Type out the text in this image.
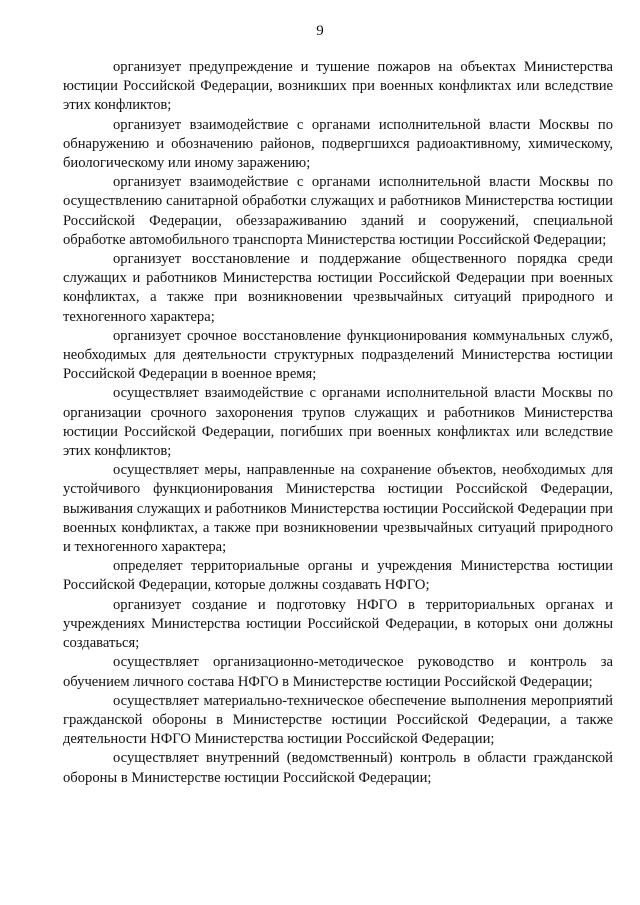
9

организует предупреждение и тушение пожаров на объектах Министерства юстиции Российской Федерации, возникших при военных конфликтах или вследствие этих конфликтов;

организует взаимодействие с органами исполнительной власти Москвы по обнаружению и обозначению районов, подвергшихся радиоактивному, химическому, биологическому или иному заражению;

организует взаимодействие с органами исполнительной власти Москвы по осуществлению санитарной обработки служащих и работников Министерства юстиции Российской Федерации, обеззараживанию зданий и сооружений, специальной обработке автомобильного транспорта Министерства юстиции Российской Федерации;

организует восстановление и поддержание общественного порядка среди служащих и работников Министерства юстиции Российской Федерации при военных конфликтах, а также при возникновении чрезвычайных ситуаций природного и техногенного характера;

организует срочное восстановление функционирования коммунальных служб, необходимых для деятельности структурных подразделений Министерства юстиции Российской Федерации в военное время;

осуществляет взаимодействие с органами исполнительной власти Москвы по организации срочного захоронения трупов служащих и работников Министерства юстиции Российской Федерации, погибших при военных конфликтах или вследствие этих конфликтов;

осуществляет меры, направленные на сохранение объектов, необходимых для устойчивого функционирования Министерства юстиции Российской Федерации, выживания служащих и работников Министерства юстиции Российской Федерации при военных конфликтах, а также при возникновении чрезвычайных ситуаций природного и техногенного характера;

определяет территориальные органы и учреждения Министерства юстиции Российской Федерации, которые должны создавать НФГО;

организует создание и подготовку НФГО в территориальных органах и учреждениях Министерства юстиции Российской Федерации, в которых они должны создаваться;

осуществляет организационно-методическое руководство и контроль за обучением личного состава НФГО в Министерстве юстиции Российской Федерации;

осуществляет материально-техническое обеспечение выполнения мероприятий гражданской обороны в Министерстве юстиции Российской Федерации, а также деятельности НФГО Министерства юстиции Российской Федерации;

осуществляет внутренний (ведомственный) контроль в области гражданской обороны в Министерстве юстиции Российской Федерации;
